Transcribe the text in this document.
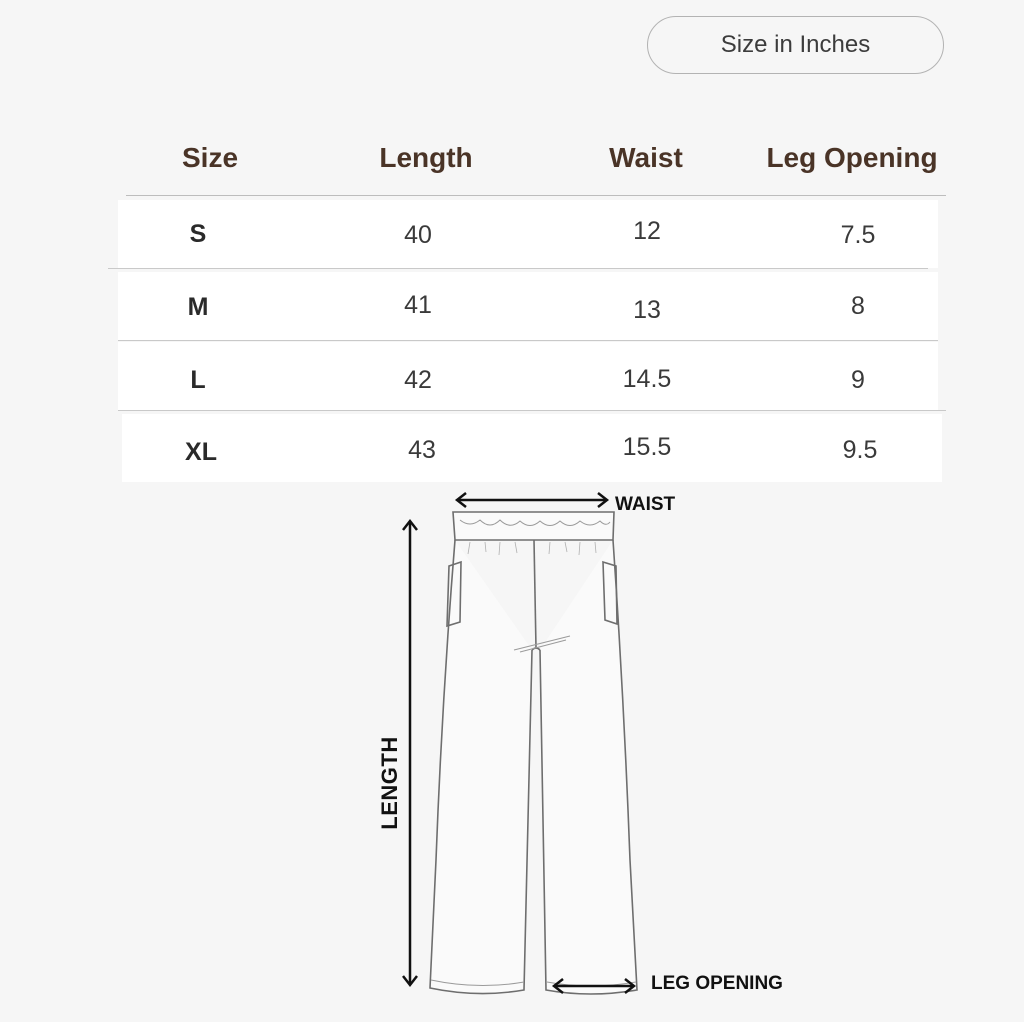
Size in Inches
Size	Length	Waist	Leg Opening
S	40	12	7.5
M	41	13	8
L	42	14.5	9
XL	43	15.5	9.5
WAIST
LENGTH
LEG OPENING
